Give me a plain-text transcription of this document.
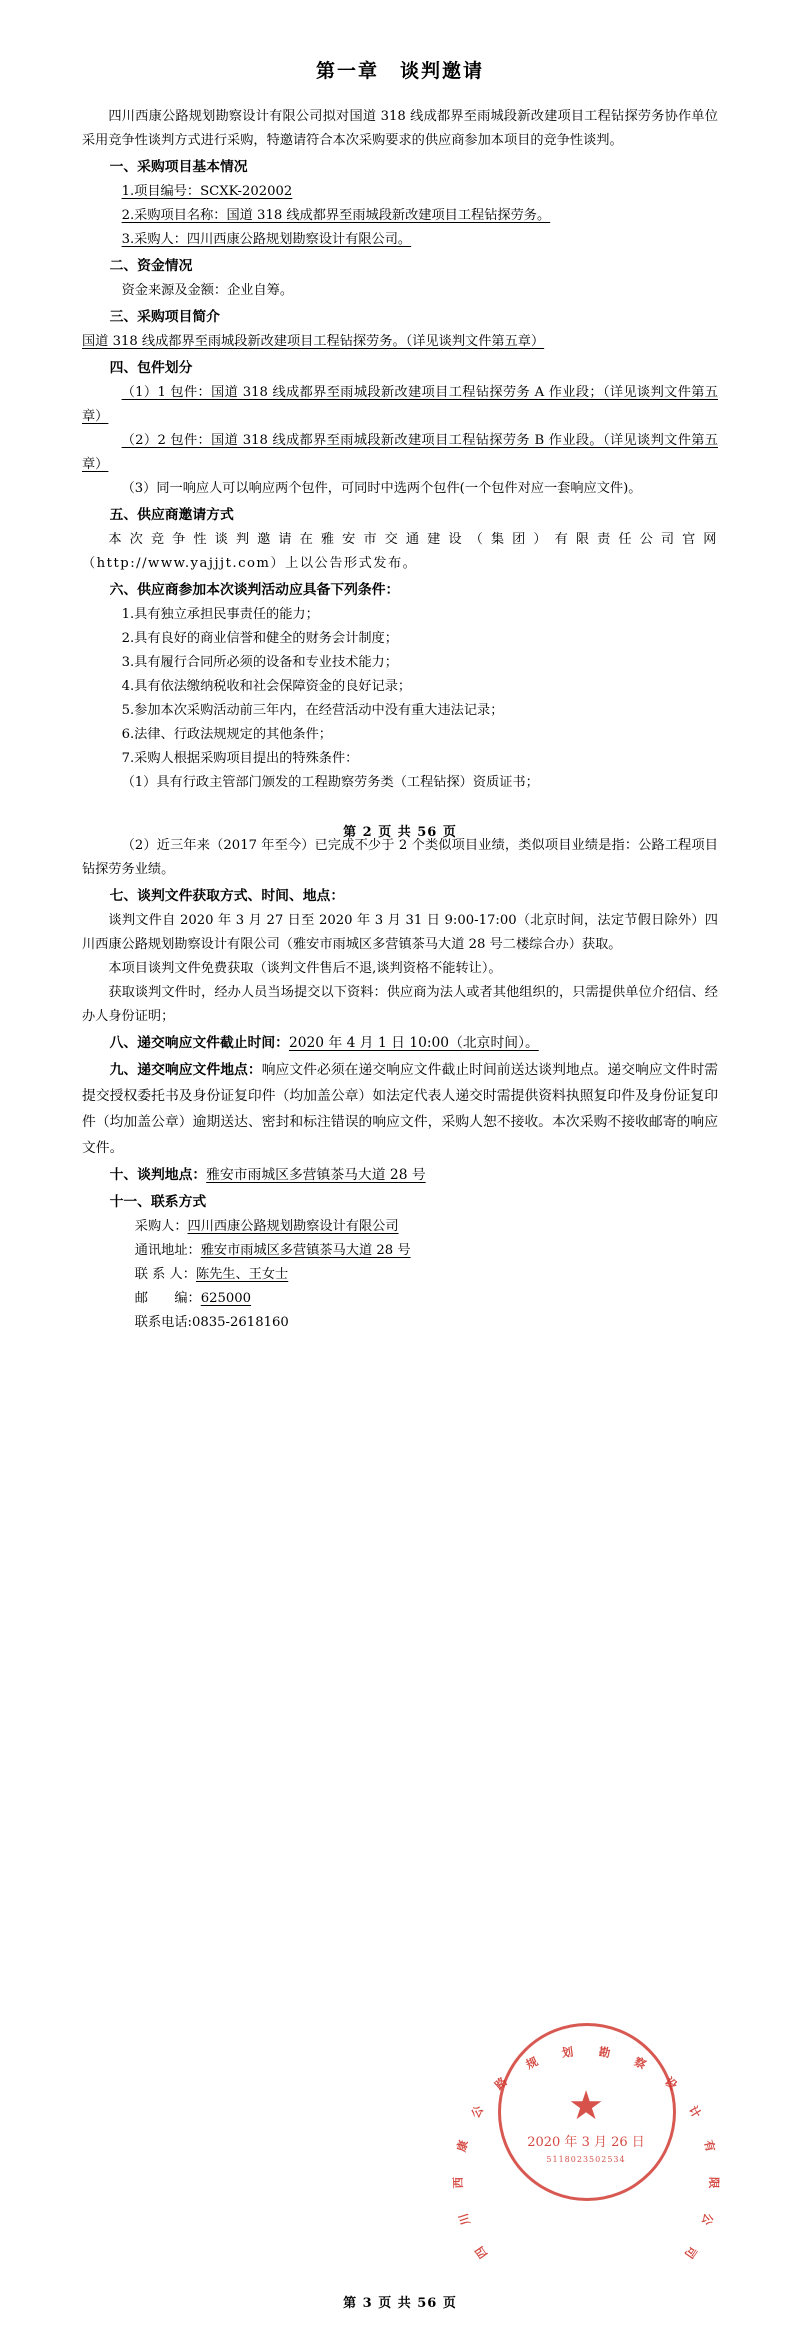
第一章　谈判邀请

四川西康公路规划勘察设计有限公司拟对国道 318 线成都界至雨城段新改建项目工程钻探劳务协作单位采用竞争性谈判方式进行采购，特邀请符合本次采购要求的供应商参加本项目的竞争性谈判。

一、采购项目基本情况

1.项目编号：SCXK-202002

2.采购项目名称：国道 318 线成都界至雨城段新改建项目工程钻探劳务。

3.采购人：四川西康公路规划勘察设计有限公司。

二、资金情况

资金来源及金额：企业自筹。

三、采购项目简介

国道 318 线成都界至雨城段新改建项目工程钻探劳务。（详见谈判文件第五章）

四、包件划分

（1）1 包件：国道 318 线成都界至雨城段新改建项目工程钻探劳务 A 作业段；（详见谈判文件第五章）

（2）2 包件：国道 318 线成都界至雨城段新改建项目工程钻探劳务 B 作业段。（详见谈判文件第五章）

（3）同一响应人可以响应两个包件，可同时中选两个包件(一个包件对应一套响应文件)。

五、供应商邀请方式

本次竞争性谈判邀请在雅安市交通建设（集团）有限责任公司官网（http://www.yajjjt.com）上以公告形式发布。

六、供应商参加本次谈判活动应具备下列条件：

1.具有独立承担民事责任的能力；

2.具有良好的商业信誉和健全的财务会计制度；

3.具有履行合同所必须的设备和专业技术能力；

4.具有依法缴纳税收和社会保障资金的良好记录；

5.参加本次采购活动前三年内，在经营活动中没有重大违法记录；

6.法律、行政法规规定的其他条件；

7.采购人根据采购项目提出的特殊条件：

（1）具有行政主管部门颁发的工程勘察劳务类（工程钻探）资质证书；

第 2 页 共 56 页

（2）近三年来（2017 年至今）已完成不少于 2 个类似项目业绩，类似项目业绩是指：公路工程项目钻探劳务业绩。

七、谈判文件获取方式、时间、地点：

谈判文件自 2020 年 3 月 27 日至 2020 年 3 月 31 日 9:00-17:00（北京时间，法定节假日除外）四川西康公路规划勘察设计有限公司（雅安市雨城区多营镇茶马大道 28 号二楼综合办）获取。

本项目谈判文件免费获取（谈判文件售后不退,谈判资格不能转让）。

获取谈判文件时，经办人员当场提交以下资料：供应商为法人或者其他组织的，只需提供单位介绍信、经办人身份证明；

八、递交响应文件截止时间：2020 年 4 月 1 日 10:00（北京时间）。

九、递交响应文件地点：响应文件必须在递交响应文件截止时间前送达谈判地点。递交响应文件时需提交授权委托书及身份证复印件（均加盖公章）如法定代表人递交时需提供资料执照复印件及身份证复印件（均加盖公章）逾期送达、密封和标注错误的响应文件，采购人恕不接收。本次采购不接收邮寄的响应文件。

十、谈判地点：雅安市雨城区多营镇茶马大道 28 号

十一、联系方式

采购人：四川西康公路规划勘察设计有限公司

通讯地址：雅安市雨城区多营镇茶马大道 28 号

联 系 人：陈先生、王女士

邮　　编：625000

联系电话:0835-2618160

四
川
西
康
公
路
规
划 勘
察
设
计
有
限
公
司
★
2020 年 3 月 26 日
5118023502534
第 3 页 共 56 页
